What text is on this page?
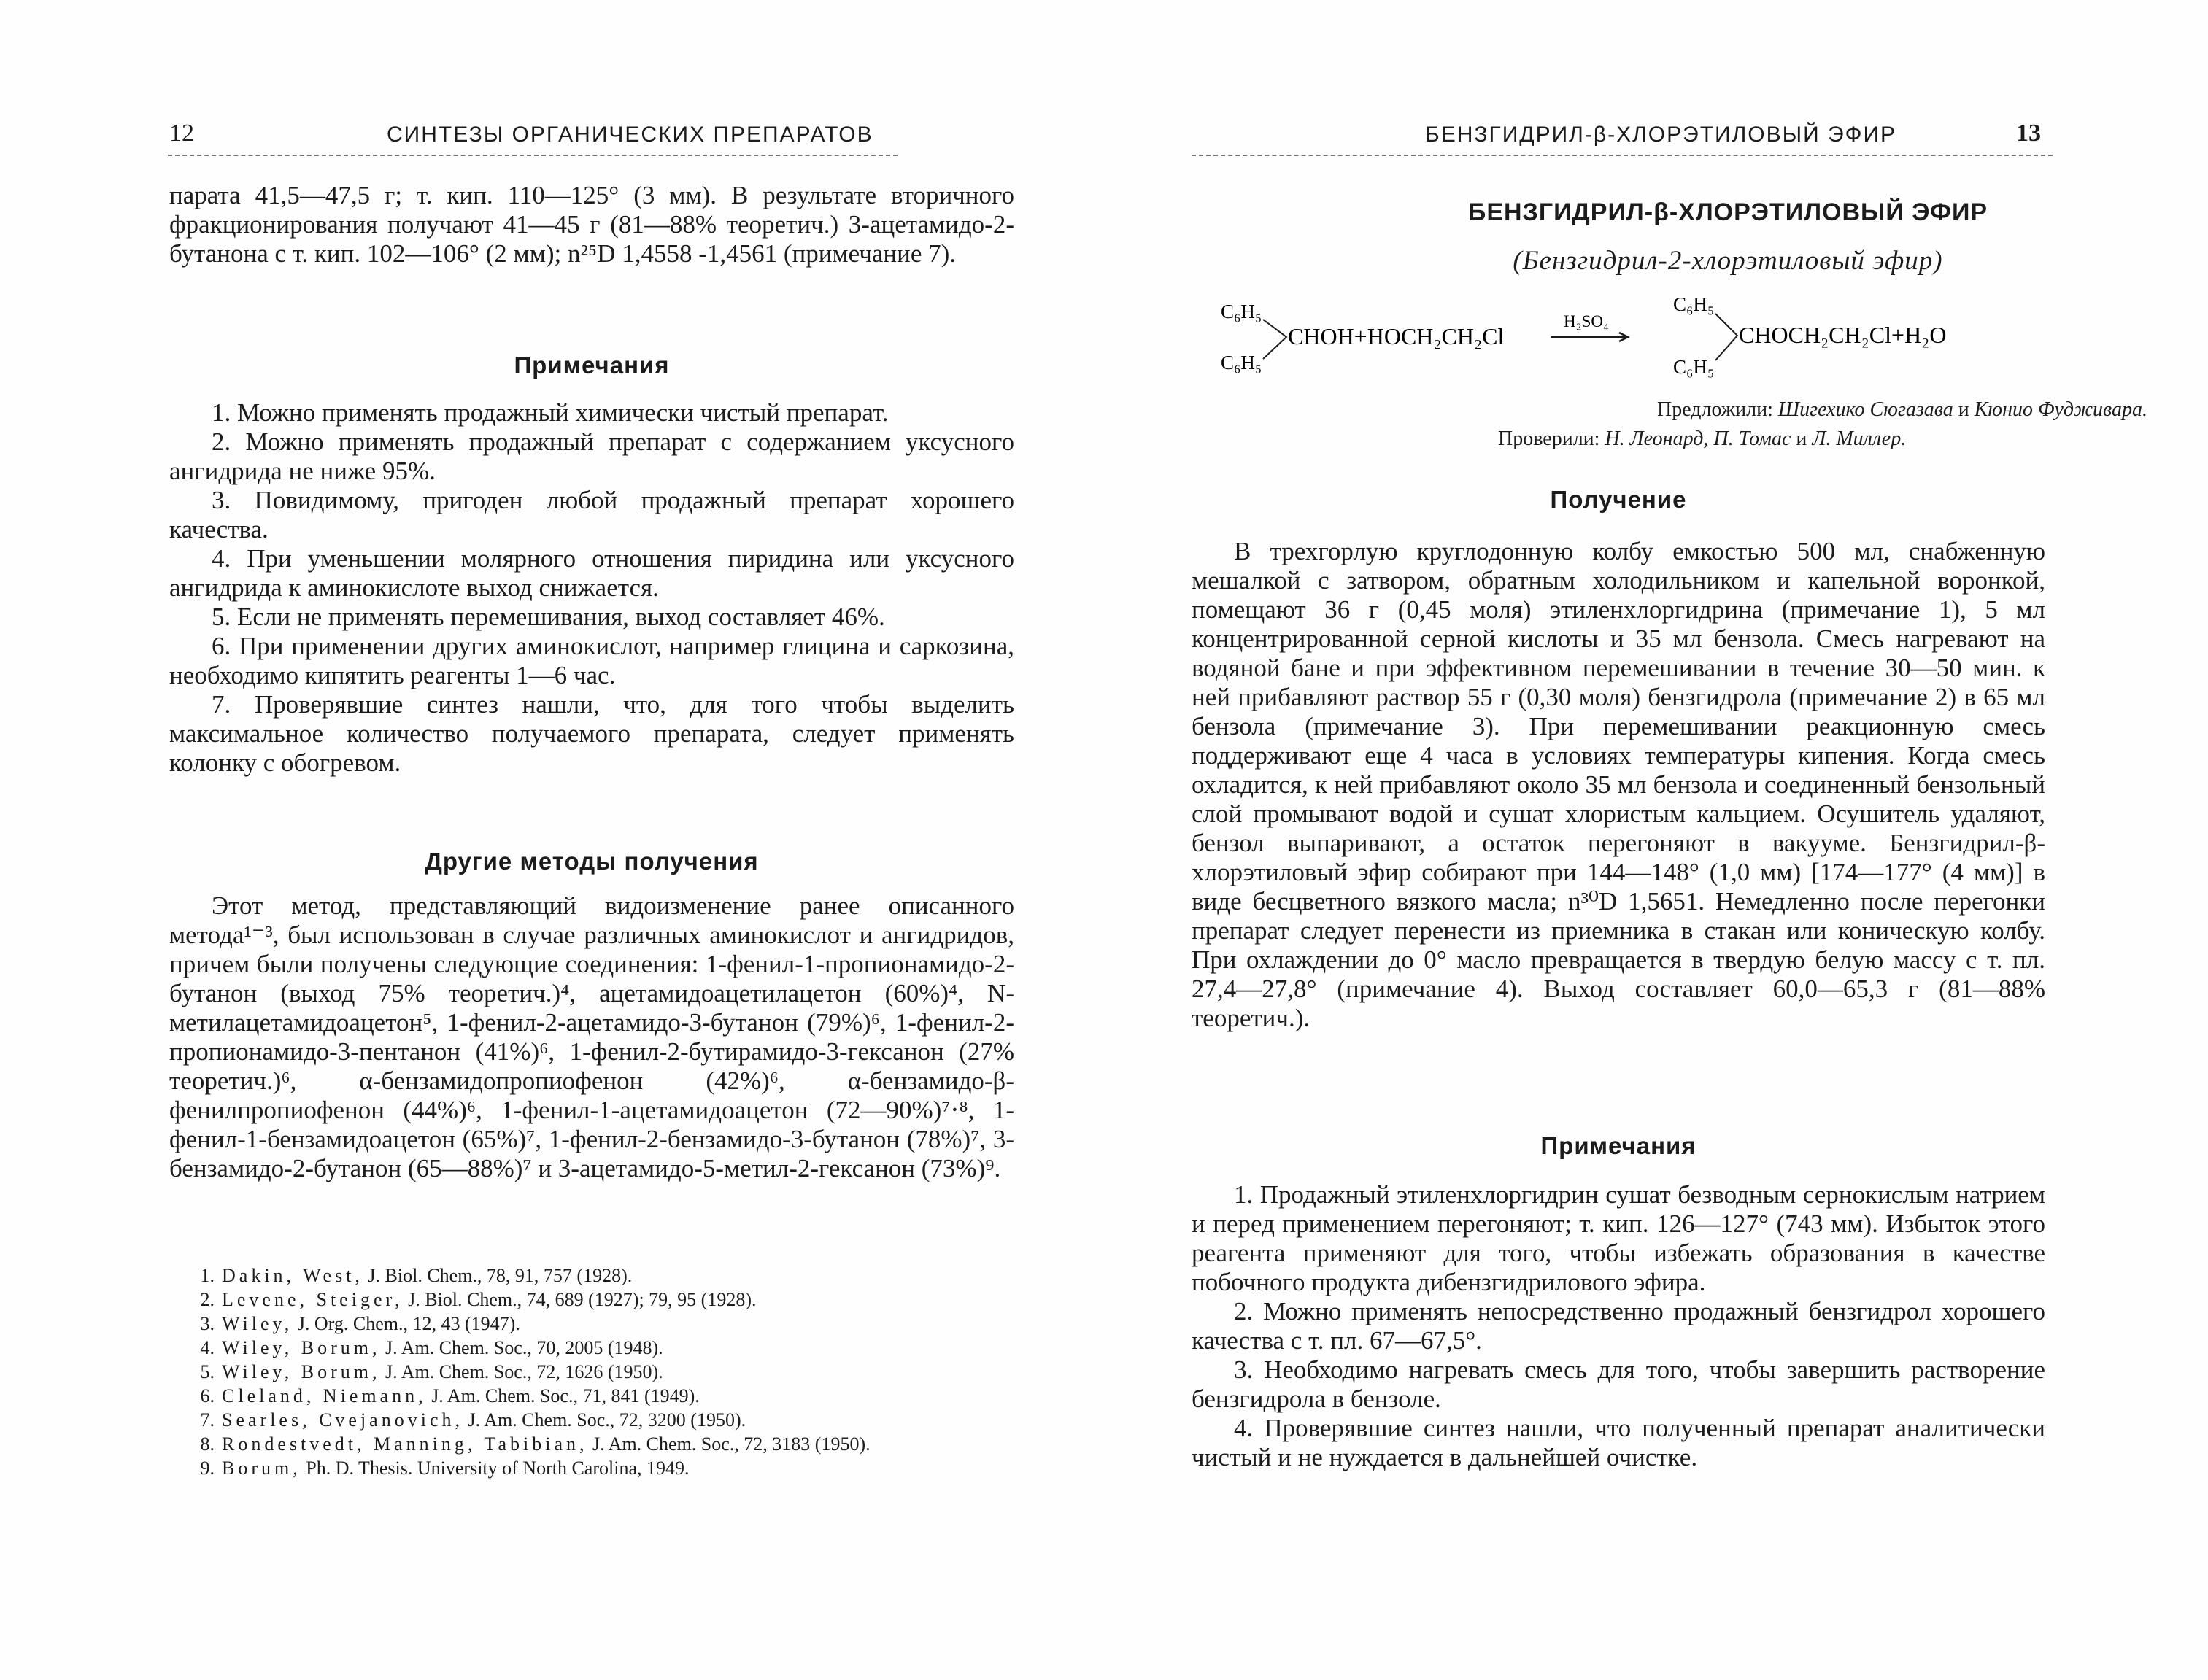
12	СИНТЕЗЫ ОРГАНИЧЕСКИХ ПРЕПАРАТОВ

парата 41,5—47,5 г; т. кип. 110—125° (3 мм). В результате вторичного фракционирования получают 41—45 г (81—88% теоретич.) 3-ацетамидо-2-бутанона с т. кип. 102—106° (2 мм); n²⁵D 1,4558 -1,4561 (примечание 7).

Примечания

1. Можно применять продажный химически чистый препарат.

2. Можно применять продажный препарат с содержанием уксусного ангидрида не ниже 95%.

3. Повидимому, пригоден любой продажный препарат хорошего качества.

4. При уменьшении молярного отношения пиридина или уксусного ангидрида к аминокислоте выход снижается.

5. Если не применять перемешивания, выход составляет 46%.

6. При применении других аминокислот, например глицина и саркозина, необходимо кипятить реагенты 1—6 час.

7. Проверявшие синтез нашли, что, для того чтобы выделить максимальное количество получаемого препарата, следует применять колонку с обогревом.

Другие методы получения

Этот метод, представляющий видоизменение ранее описанного метода¹⁻³, был использован в случае различных аминокислот и ангидридов, причем были получены следующие соединения: 1-фенил-1-пропионамидо-2-бутанон (выход 75% теоретич.)⁴, ацетамидоацетилацетон (60%)⁴, N-метилацетамидоацетон⁵, 1-фенил-2-ацетамидо-3-бутанон (79%)⁶, 1-фенил-2-пропионамидо-3-пентанон (41%)⁶, 1-фенил-2-бутирамидо-3-гексанон (27% теоретич.)⁶, α-бензамидопропиофенон (42%)⁶, α-бензамидо-β-фенилпропиофенон (44%)⁶, 1-фенил-1-ацетамидоацетон (72—90%)⁷⋅⁸, 1-фенил-1-бензамидоацетон (65%)⁷, 1-фенил-2-бензамидо-3-бутанон (78%)⁷, 3-бензамидо-2-бутанон (65—88%)⁷ и 3-ацетамидо-5-метил-2-гексанон (73%)⁹.

1. Dakin, West, J. Biol. Chem., 78, 91, 757 (1928).

2. Levene, Steiger, J. Biol. Chem., 74, 689 (1927); 79, 95 (1928).

3. Wiley, J. Org. Chem., 12, 43 (1947).

4. Wiley, Borum, J. Am. Chem. Soc., 70, 2005 (1948).

5. Wiley, Borum, J. Am. Chem. Soc., 72, 1626 (1950).

6. Cleland, Niemann, J. Am. Chem. Soc., 71, 841 (1949).

7. Searles, Cvejanovich, J. Am. Chem. Soc., 72, 3200 (1950).

8. Rondestvedt, Manning, Tabibian, J. Am. Chem. Soc., 72, 3183 (1950).

9. Borum, Ph. D. Thesis. University of North Carolina, 1949.

БЕНЗГИДРИЛ-β-ХЛОРЭТИЛОВЫЙ ЭФИР	13
БЕНЗГИДРИЛ-β-ХЛОРЭТИЛОВЫЙ ЭФИР
(Бензгидрил-2-хлорэтиловый эфир)
C₆H₅
C₆H₅
CHOH+HOCH₂CH₂Cl
H₂SO₄
C₆H₅
C₆H₅
CHOCH₂CH₂Cl+H₂O
Предложили: Шигехико Сюгазава и Кюнио Фудживара.
Проверили: Н. Леонард, П. Томас и Л. Миллер.
Получение

В трехгорлую круглодонную колбу емкостью 500 мл, снабженную мешалкой с затвором, обратным холодильником и капельной воронкой, помещают 36 г (0,45 моля) этиленхлоргидрина (примечание 1), 5 мл концентрированной серной кислоты и 35 мл бензола. Смесь нагревают на водяной бане и при эффективном перемешивании в течение 30—50 мин. к ней прибавляют раствор 55 г (0,30 моля) бензгидрола (примечание 2) в 65 мл бензола (примечание 3). При перемешивании реакционную смесь поддерживают еще 4 часа в условиях температуры кипения. Когда смесь охладится, к ней прибавляют около 35 мл бензола и соединенный бензольный слой промывают водой и сушат хлористым кальцием. Осушитель удаляют, бензол выпаривают, а остаток перегоняют в вакууме. Бензгидрил-β-хлорэтиловый эфир собирают при 144—148° (1,0 мм) [174—177° (4 мм)] в виде бесцветного вязкого масла; n³⁰D 1,5651. Немедленно после перегонки препарат следует перенести из приемника в стакан или коническую колбу. При охлаждении до 0° масло превращается в твердую белую массу с т. пл. 27,4—27,8° (примечание 4). Выход составляет 60,0—65,3 г (81—88% теоретич.).

Примечания

1. Продажный этиленхлоргидрин сушат безводным сернокислым натрием и перед применением перегоняют; т. кип. 126—127° (743 мм). Избыток этого реагента применяют для того, чтобы избежать образования в качестве побочного продукта дибензгидрилового эфира.

2. Можно применять непосредственно продажный бензгидрол хорошего качества с т. пл. 67—67,5°.

3. Необходимо нагревать смесь для того, чтобы завершить растворение бензгидрола в бензоле.

4. Проверявшие синтез нашли, что полученный препарат аналитически чистый и не нуждается в дальнейшей очистке.
